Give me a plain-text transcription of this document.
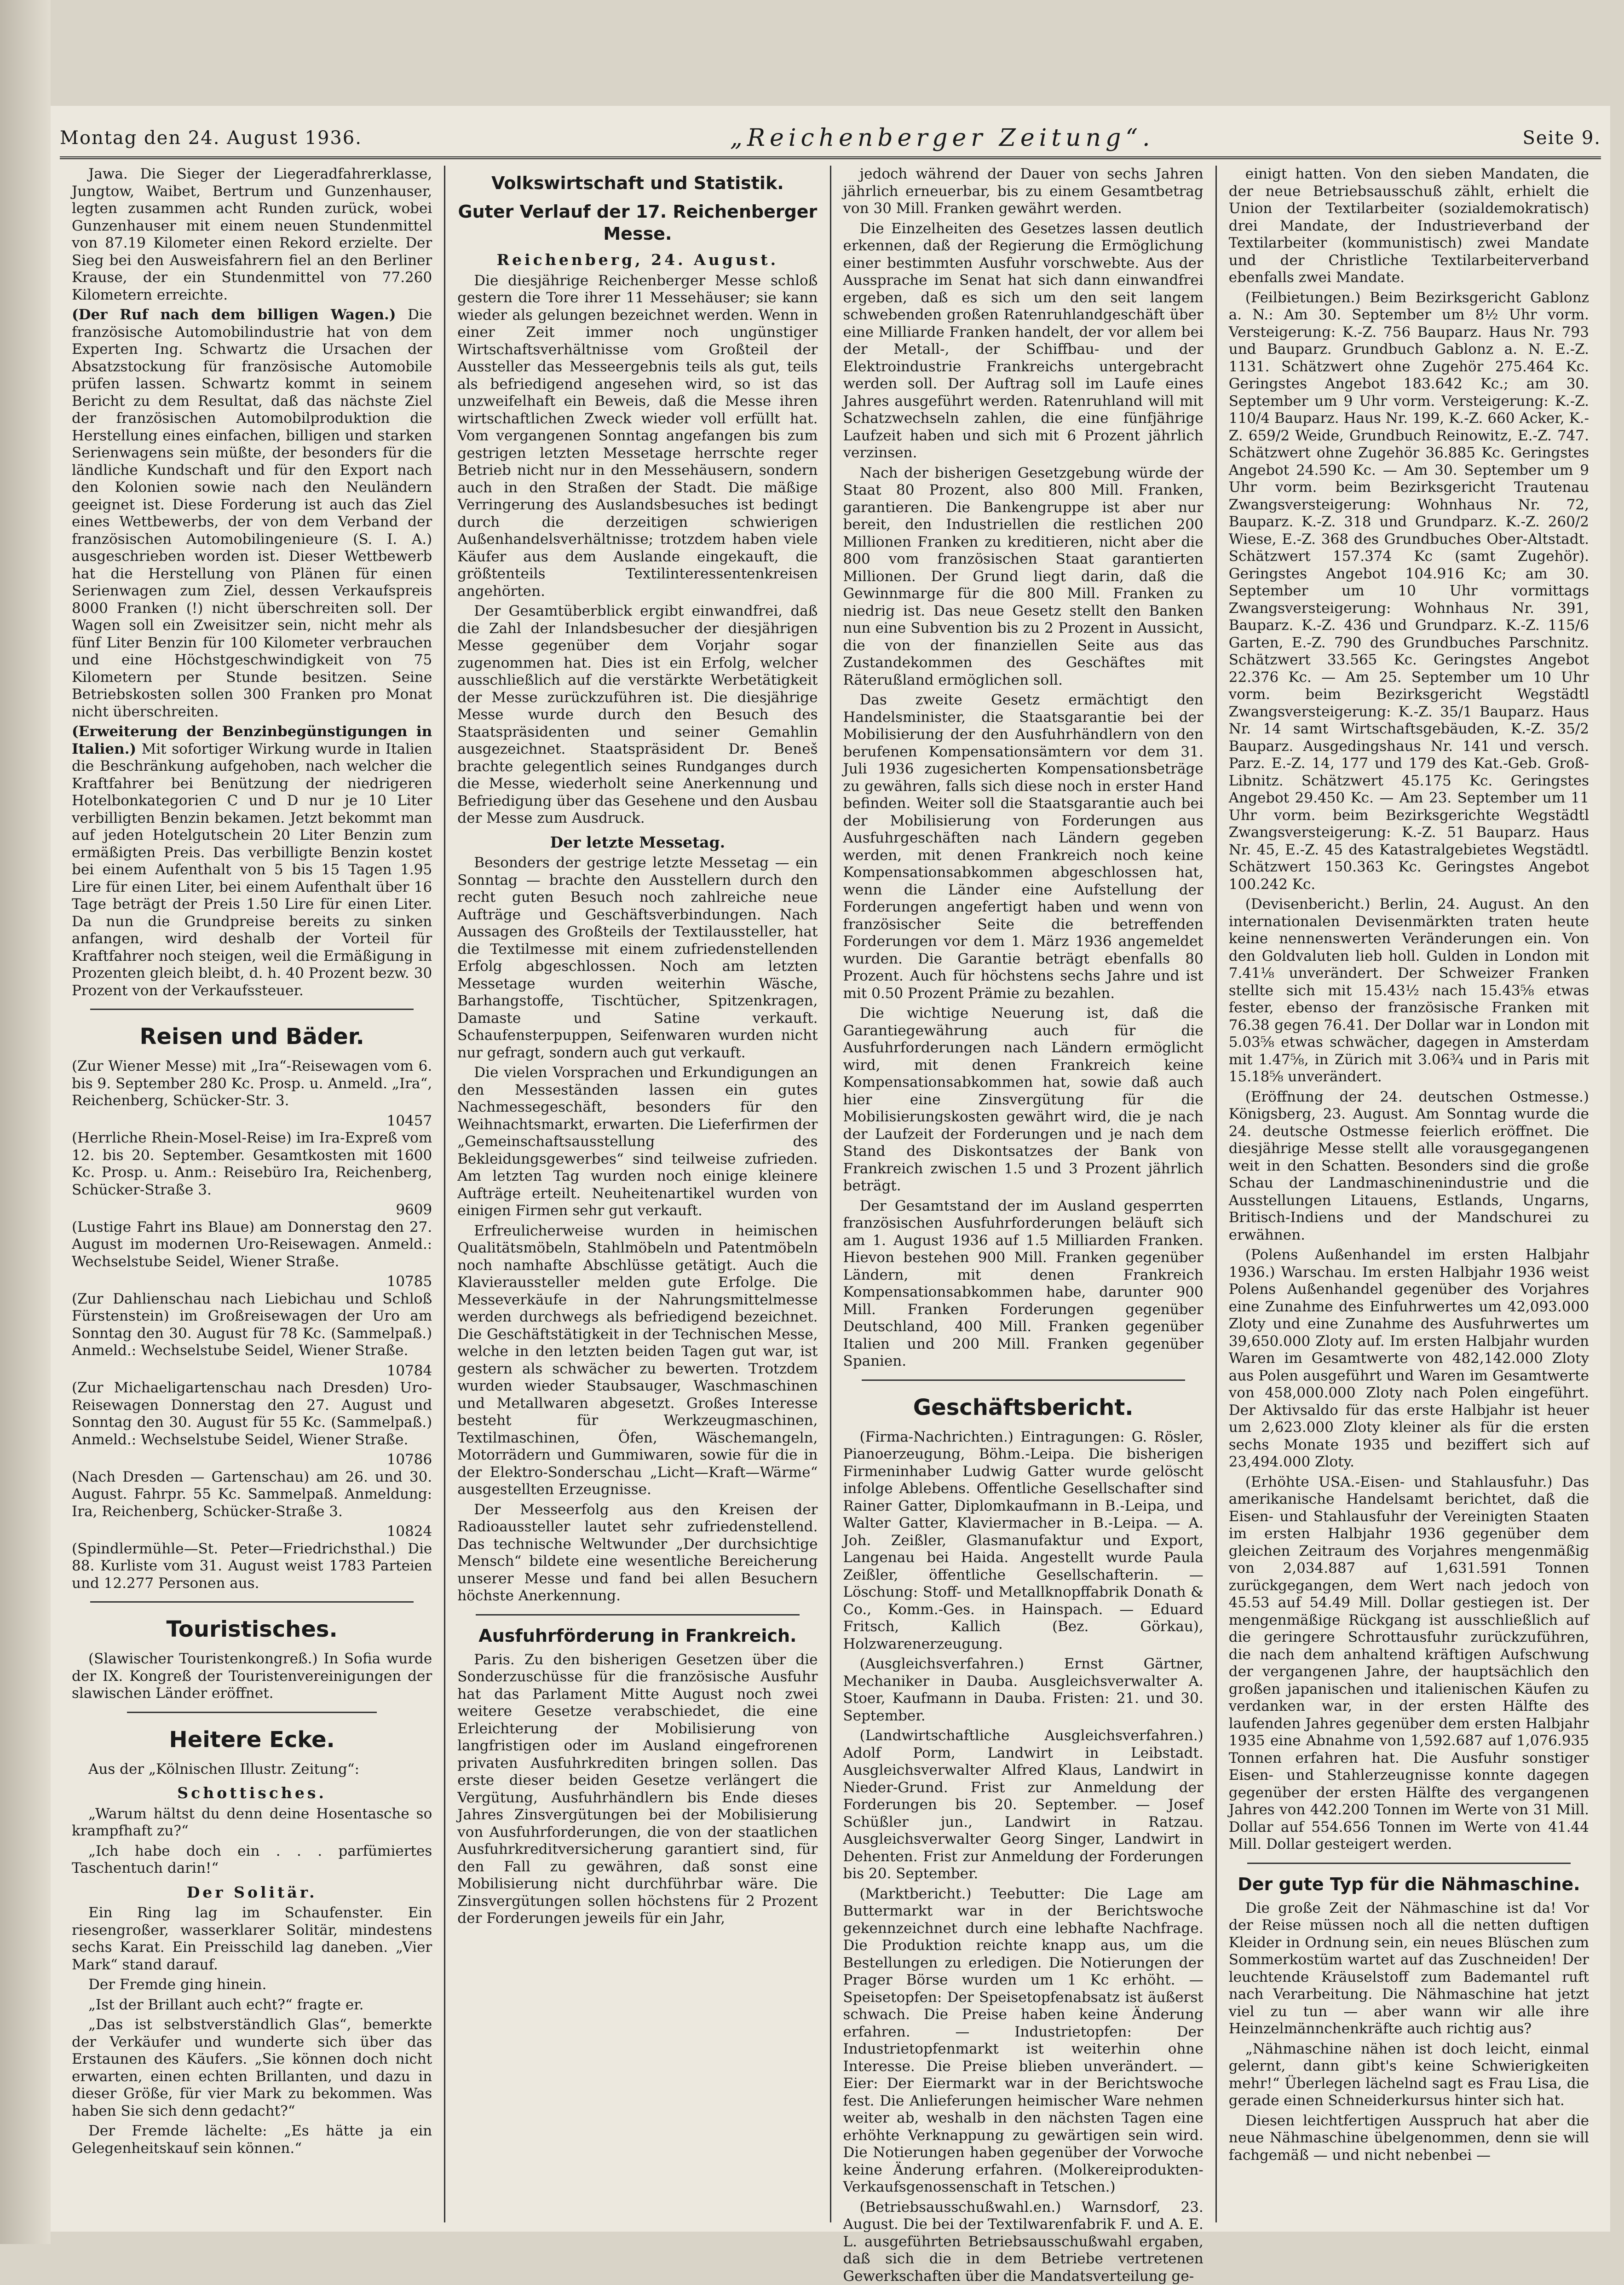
Montag den 24. August 1936.	„Reichenberger Zeitung“.	Seite 9.

Jawa. Die Sieger der Liegeradfahrerklasse, Jungtow, Waibet, Bertrum und Gunzenhauser, legten zusammen acht Runden zurück, wobei Gunzenhauser mit einem neuen Stundenmittel von 87.19 Kilometer einen Rekord erzielte. Der Sieg bei den Ausweisfahrern fiel an den Berliner Krause, der ein Stundenmittel von 77.260 Kilometern erreichte.

(Der Ruf nach dem billigen Wagen.) Die französische Automobilindustrie hat von dem Experten Ing. Schwartz die Ursachen der Absatzstockung für französische Automobile prüfen lassen. Schwartz kommt in seinem Bericht zu dem Resultat, daß das nächste Ziel der französischen Automobilproduktion die Herstellung eines einfachen, billigen und starken Serienwagens sein müßte, der besonders für die ländliche Kundschaft und für den Export nach den Kolonien sowie nach den Neuländern geeignet ist. Diese Forderung ist auch das Ziel eines Wettbewerbs, der von dem Verband der französischen Automobilingenieure (S. I. A.) ausgeschrieben worden ist. Dieser Wettbewerb hat die Herstellung von Plänen für einen Serienwagen zum Ziel, dessen Verkaufspreis 8000 Franken (!) nicht überschreiten soll. Der Wagen soll ein Zweisitzer sein, nicht mehr als fünf Liter Benzin für 100 Kilometer verbrauchen und eine Höchstgeschwindigkeit von 75 Kilometern per Stunde besitzen. Seine Betriebskosten sollen 300 Franken pro Monat nicht überschreiten.

(Erweiterung der Benzinbegünstigungen in Italien.) Mit sofortiger Wirkung wurde in Italien die Beschränkung aufgehoben, nach welcher die Kraftfahrer bei Benützung der niedrigeren Hotelbonkategorien C und D nur je 10 Liter verbilligten Benzin bekamen. Jetzt bekommt man auf jeden Hotelgutschein 20 Liter Benzin zum ermäßigten Preis. Das verbilligte Benzin kostet bei einem Aufenthalt von 5 bis 15 Tagen 1.95 Lire für einen Liter, bei einem Aufenthalt über 16 Tage beträgt der Preis 1.50 Lire für einen Liter. Da nun die Grundpreise bereits zu sinken anfangen, wird deshalb der Vorteil für Kraftfahrer noch steigen, weil die Ermäßigung in Prozenten gleich bleibt, d. h. 40 Prozent bezw. 30 Prozent von der Verkaufssteuer.

Reisen und Bäder.

(Zur Wiener Messe) mit „Ira“-Reisewagen vom 6. bis 9. September 280 Kc. Prosp. u. Anmeld. „Ira“, Reichenberg, Schücker-Str. 3.

10457

(Herrliche Rhein-Mosel-Reise) im Ira-Expreß vom 12. bis 20. September. Gesamtkosten mit 1600 Kc. Prosp. u. Anm.: Reisebüro Ira, Reichenberg, Schücker-Straße 3.

9609

(Lustige Fahrt ins Blaue) am Donnerstag den 27. August im modernen Uro-Reisewagen. Anmeld.: Wechselstube Seidel, Wiener Straße.

10785

(Zur Dahlienschau nach Liebichau und Schloß Fürstenstein) im Großreisewagen der Uro am Sonntag den 30. August für 78 Kc. (Sammelpaß.) Anmeld.: Wechselstube Seidel, Wiener Straße.

10784

(Zur Michaeligartenschau nach Dresden) Uro-Reisewagen Donnerstag den 27. August und Sonntag den 30. August für 55 Kc. (Sammelpaß.) Anmeld.: Wechselstube Seidel, Wiener Straße.

10786

(Nach Dresden — Gartenschau) am 26. und 30. August. Fahrpr. 55 Kc. Sammelpaß. Anmeldung: Ira, Reichenberg, Schücker-Straße 3.

10824

(Spindlermühle—St. Peter—Friedrichsthal.) Die 88. Kurliste vom 31. August weist 1783 Parteien und 12.277 Personen aus.

Touristisches.

(Slawischer Touristenkongreß.) In Sofia wurde der IX. Kongreß der Touristenvereinigungen der slawischen Länder eröffnet.

Heitere Ecke.

Aus der „Kölnischen Illustr. Zeitung“:

Schottisches.

„Warum hältst du denn deine Hosentasche so krampfhaft zu?“

„Ich habe doch ein . . . parfümiertes Taschentuch darin!“

Der Solitär.

Ein Ring lag im Schaufenster. Ein riesengroßer, wasserklarer Solitär, mindestens sechs Karat. Ein Preisschild lag daneben. „Vier Mark“ stand darauf.

Der Fremde ging hinein.

„Ist der Brillant auch echt?“ fragte er.

„Das ist selbstverständlich Glas“, bemerkte der Verkäufer und wunderte sich über das Erstaunen des Käufers. „Sie können doch nicht erwarten, einen echten Brillanten, und dazu in dieser Größe, für vier Mark zu bekommen. Was haben Sie sich denn gedacht?“

Der Fremde lächelte: „Es hätte ja ein Gelegenheitskauf sein können.“

Volkswirtschaft und Statistik.
Guter Verlauf der 17. Reichenberger Messe.
Reichenberg, 24. August.

Die diesjährige Reichenberger Messe schloß gestern die Tore ihrer 11 Messehäuser; sie kann wieder als gelungen bezeichnet werden. Wenn in einer Zeit immer noch ungünstiger Wirtschaftsverhältnisse vom Großteil der Aussteller das Messeergebnis teils als gut, teils als befriedigend angesehen wird, so ist das unzweifelhaft ein Beweis, daß die Messe ihren wirtschaftlichen Zweck wieder voll erfüllt hat. Vom vergangenen Sonntag angefangen bis zum gestrigen letzten Messetage herrschte reger Betrieb nicht nur in den Messehäusern, sondern auch in den Straßen der Stadt. Die mäßige Verringerung des Auslandsbesuches ist bedingt durch die derzeitigen schwierigen Außenhandelsverhältnisse; trotzdem haben viele Käufer aus dem Auslande eingekauft, die größtenteils Textilinteressentenkreisen angehörten.

Der Gesamtüberblick ergibt einwandfrei, daß die Zahl der Inlandsbesucher der diesjährigen Messe gegenüber dem Vorjahr sogar zugenommen hat. Dies ist ein Erfolg, welcher ausschließlich auf die verstärkte Werbetätigkeit der Messe zurückzuführen ist. Die diesjährige Messe wurde durch den Besuch des Staatspräsidenten und seiner Gemahlin ausgezeichnet. Staatspräsident Dr. Beneš brachte gelegentlich seines Rundganges durch die Messe, wiederholt seine Anerkennung und Befriedigung über das Gesehene und den Ausbau der Messe zum Ausdruck.

Der letzte Messetag.

Besonders der gestrige letzte Messetag — ein Sonntag — brachte den Ausstellern durch den recht guten Besuch noch zahlreiche neue Aufträge und Geschäftsverbindungen. Nach Aussagen des Großteils der Textilaussteller, hat die Textilmesse mit einem zufriedenstellenden Erfolg abgeschlossen. Noch am letzten Messetage wurden weiterhin Wäsche, Barhangstoffe, Tischtücher, Spitzenkragen, Damaste und Satine verkauft. Schaufensterpuppen, Seifenwaren wurden nicht nur gefragt, sondern auch gut verkauft.

Die vielen Vorsprachen und Erkundigungen an den Messeständen lassen ein gutes Nachmessegeschäft, besonders für den Weihnachtsmarkt, erwarten. Die Lieferfirmen der „Gemeinschaftsausstellung des Bekleidungsgewerbes“ sind teilweise zufrieden. Am letzten Tag wurden noch einige kleinere Aufträge erteilt. Neuheitenartikel wurden von einigen Firmen sehr gut verkauft.

Erfreulicherweise wurden in heimischen Qualitätsmöbeln, Stahlmöbeln und Patentmöbeln noch namhafte Abschlüsse getätigt. Auch die Klavieraussteller melden gute Erfolge. Die Messeverkäufe in der Nahrungsmittelmesse werden durchwegs als befriedigend bezeichnet. Die Geschäftstätigkeit in der Technischen Messe, welche in den letzten beiden Tagen gut war, ist gestern als schwächer zu bewerten. Trotzdem wurden wieder Staubsauger, Waschmaschinen und Metallwaren abgesetzt. Großes Interesse besteht für Werkzeugmaschinen, Textilmaschinen, Öfen, Wäschemangeln, Motorrädern und Gummiwaren, sowie für die in der Elektro-Sonderschau „Licht—Kraft—Wärme“ ausgestellten Erzeugnisse.

Der Messeerfolg aus den Kreisen der Radioaussteller lautet sehr zufriedenstellend. Das technische Weltwunder „Der durchsichtige Mensch“ bildete eine wesentliche Bereicherung unserer Messe und fand bei allen Besuchern höchste Anerkennung.

Ausfuhrförderung in Frankreich.

Paris. Zu den bisherigen Gesetzen über die Sonderzuschüsse für die französische Ausfuhr hat das Parlament Mitte August noch zwei weitere Gesetze verabschiedet, die eine Erleichterung der Mobilisierung von langfristigen oder im Ausland eingefrorenen privaten Ausfuhrkrediten bringen sollen. Das erste dieser beiden Gesetze verlängert die Vergütung, Ausfuhrhändlern bis Ende dieses Jahres Zinsvergütungen bei der Mobilisierung von Ausfuhrforderungen, die von der staatlichen Ausfuhrkreditversicherung garantiert sind, für den Fall zu gewähren, daß sonst eine Mobilisierung nicht durchführbar wäre. Die Zinsvergütungen sollen höchstens für 2 Prozent der Forderungen jeweils für ein Jahr,

jedoch während der Dauer von sechs Jahren jährlich erneuerbar, bis zu einem Gesamtbetrag von 30 Mill. Franken gewährt werden.

Die Einzelheiten des Gesetzes lassen deutlich erkennen, daß der Regierung die Ermöglichung einer bestimmten Ausfuhr vorschwebte. Aus der Aussprache im Senat hat sich dann einwandfrei ergeben, daß es sich um den seit langem schwebenden großen Ratenruhlandgeschäft über eine Milliarde Franken handelt, der vor allem bei der Metall-, der Schiffbau- und der Elektroindustrie Frankreichs untergebracht werden soll. Der Auftrag soll im Laufe eines Jahres ausgeführt werden. Ratenruhland will mit Schatzwechseln zahlen, die eine fünfjährige Laufzeit haben und sich mit 6 Prozent jährlich verzinsen.

Nach der bisherigen Gesetzgebung würde der Staat 80 Prozent, also 800 Mill. Franken, garantieren. Die Bankengruppe ist aber nur bereit, den Industriellen die restlichen 200 Millionen Franken zu kreditieren, nicht aber die 800 vom französischen Staat garantierten Millionen. Der Grund liegt darin, daß die Gewinnmarge für die 800 Mill. Franken zu niedrig ist. Das neue Gesetz stellt den Banken nun eine Subvention bis zu 2 Prozent in Aussicht, die von der finanziellen Seite aus das Zustandekommen des Geschäftes mit Räterußland ermöglichen soll.

Das zweite Gesetz ermächtigt den Handelsminister, die Staatsgarantie bei der Mobilisierung der den Ausfuhrhändlern von den berufenen Kompensationsämtern vor dem 31. Juli 1936 zugesicherten Kompensationsbeträge zu gewähren, falls sich diese noch in erster Hand befinden. Weiter soll die Staatsgarantie auch bei der Mobilisierung von Forderungen aus Ausfuhrgeschäften nach Ländern gegeben werden, mit denen Frankreich noch keine Kompensationsabkommen abgeschlossen hat, wenn die Länder eine Aufstellung der Forderungen angefertigt haben und wenn von französischer Seite die betreffenden Forderungen vor dem 1. März 1936 angemeldet wurden. Die Garantie beträgt ebenfalls 80 Prozent. Auch für höchstens sechs Jahre und ist mit 0.50 Prozent Prämie zu bezahlen.

Die wichtige Neuerung ist, daß die Garantiegewährung auch für die Ausfuhrforderungen nach Ländern ermöglicht wird, mit denen Frankreich keine Kompensationsabkommen hat, sowie daß auch hier eine Zinsvergütung für die Mobilisierungskosten gewährt wird, die je nach der Laufzeit der Forderungen und je nach dem Stand des Diskontsatzes der Bank von Frankreich zwischen 1.5 und 3 Prozent jährlich beträgt.

Der Gesamtstand der im Ausland gesperrten französischen Ausfuhrforderungen beläuft sich am 1. August 1936 auf 1.5 Milliarden Franken. Hievon bestehen 900 Mill. Franken gegenüber Ländern, mit denen Frankreich Kompensationsabkommen habe, darunter 900 Mill. Franken Forderungen gegenüber Deutschland, 400 Mill. Franken gegenüber Italien und 200 Mill. Franken gegenüber Spanien.

Geschäftsbericht.

(Firma-Nachrichten.) Eintragungen: G. Rösler, Pianoerzeugung, Böhm.-Leipa. Die bisherigen Firmeninhaber Ludwig Gatter wurde gelöscht infolge Ablebens. Offentliche Gesellschafter sind Rainer Gatter, Diplomkaufmann in B.-Leipa, und Walter Gatter, Klaviermacher in B.-Leipa. — A. Joh. Zeißler, Glasmanufaktur und Export, Langenau bei Haida. Angestellt wurde Paula Zeißler, öffentliche Gesellschafterin. — Löschung: Stoff- und Metallknopffabrik Donath & Co., Komm.-Ges. in Hainspach. — Eduard Fritsch, Kallich (Bez. Görkau), Holzwarenerzeugung.

(Ausgleichsverfahren.) Ernst Gärtner, Mechaniker in Dauba. Ausgleichsverwalter A. Stoer, Kaufmann in Dauba. Fristen: 21. und 30. September.

(Landwirtschaftliche Ausgleichsverfahren.) Adolf Porm, Landwirt in Leibstadt. Ausgleichsverwalter Alfred Klaus, Landwirt in Nieder-Grund. Frist zur Anmeldung der Forderungen bis 20. September. — Josef Schüßler jun., Landwirt in Ratzau. Ausgleichsverwalter Georg Singer, Landwirt in Dehenten. Frist zur Anmeldung der Forderungen bis 20. September.

(Marktbericht.) Teebutter: Die Lage am Buttermarkt war in der Berichtswoche gekennzeichnet durch eine lebhafte Nachfrage. Die Produktion reichte knapp aus, um die Bestellungen zu erledigen. Die Notierungen der Prager Börse wurden um 1 Kc erhöht. — Speisetopfen: Der Speisetopfenabsatz ist äußerst schwach. Die Preise haben keine Änderung erfahren. — Industrietopfen: Der Industrietopfenmarkt ist weiterhin ohne Interesse. Die Preise blieben unverändert. — Eier: Der Eiermarkt war in der Berichtswoche fest. Die Anlieferungen heimischer Ware nehmen weiter ab, weshalb in den nächsten Tagen eine erhöhte Verknappung zu gewärtigen sein wird. Die Notierungen haben gegenüber der Vorwoche keine Änderung erfahren. (Molkereiprodukten-Verkaufsgenossenschaft in Tetschen.)

(Betriebsausschußwahl.en.) Warnsdorf, 23. August. Die bei der Textilwarenfabrik F. und A. E. L. ausgeführten Betriebsausschußwahl ergaben, daß sich die in dem Betriebe vertretenen Gewerkschaften über die Mandatsverteilung ge-

einigt hatten. Von den sieben Mandaten, die der neue Betriebsausschuß zählt, erhielt die Union der Textilarbeiter (sozialdemokratisch) drei Mandate, der Industrieverband der Textilarbeiter (kommunistisch) zwei Mandate und der Christliche Textilarbeiterverband ebenfalls zwei Mandate.

(Feilbietungen.) Beim Bezirksgericht Gablonz a. N.: Am 30. September um 8½ Uhr vorm. Versteigerung: K.-Z. 756 Bauparz. Haus Nr. 793 und Bauparz. Grundbuch Gablonz a. N. E.-Z. 1131. Schätzwert ohne Zugehör 275.464 Kc. Geringstes Angebot 183.642 Kc.; am 30. September um 9 Uhr vorm. Versteigerung: K.-Z. 110/4 Bauparz. Haus Nr. 199, K.-Z. 660 Acker, K.-Z. 659/2 Weide, Grundbuch Reinowitz, E.-Z. 747. Schätzwert ohne Zugehör 36.885 Kc. Geringstes Angebot 24.590 Kc. — Am 30. September um 9 Uhr vorm. beim Bezirksgericht Trautenau Zwangsversteigerung: Wohnhaus Nr. 72, Bauparz. K.-Z. 318 und Grundparz. K.-Z. 260/2 Wiese, E.-Z. 368 des Grundbuches Ober-Altstadt. Schätzwert 157.374 Kc (samt Zugehör). Geringstes Angebot 104.916 Kc; am 30. September um 10 Uhr vormittags Zwangsversteigerung: Wohnhaus Nr. 391, Bauparz. K.-Z. 436 und Grundparz. K.-Z. 115/6 Garten, E.-Z. 790 des Grundbuches Parschnitz. Schätzwert 33.565 Kc. Geringstes Angebot 22.376 Kc. — Am 25. September um 10 Uhr vorm. beim Bezirksgericht Wegstädtl Zwangsversteigerung: K.-Z. 35/1 Bauparz. Haus Nr. 14 samt Wirtschaftsgebäuden, K.-Z. 35/2 Bauparz. Ausgedingshaus Nr. 141 und versch. Parz. E.-Z. 14, 177 und 179 des Kat.-Geb. Groß-Libnitz. Schätzwert 45.175 Kc. Geringstes Angebot 29.450 Kc. — Am 23. September um 11 Uhr vorm. beim Bezirksgerichte Wegstädtl Zwangsversteigerung: K.-Z. 51 Bauparz. Haus Nr. 45, E.-Z. 45 des Katastralgebietes Wegstädtl. Schätzwert 150.363 Kc. Geringstes Angebot 100.242 Kc.

(Devisenbericht.) Berlin, 24. August. An den internationalen Devisenmärkten traten heute keine nennenswerten Veränderungen ein. Von den Goldvaluten lieb holl. Gulden in London mit 7.41⅛ unverändert. Der Schweizer Franken stellte sich mit 15.43½ nach 15.43⅝ etwas fester, ebenso der französische Franken mit 76.38 gegen 76.41. Der Dollar war in London mit 5.03⅝ etwas schwächer, dagegen in Amsterdam mit 1.47⅝, in Zürich mit 3.06¾ und in Paris mit 15.18⅝ unverändert.

(Eröffnung der 24. deutschen Ostmesse.) Königsberg, 23. August. Am Sonntag wurde die 24. deutsche Ostmesse feierlich eröffnet. Die diesjährige Messe stellt alle vorausgegangenen weit in den Schatten. Besonders sind die große Schau der Landmaschinenindustrie und die Ausstellungen Litauens, Estlands, Ungarns, Britisch-Indiens und der Mandschurei zu erwähnen.

(Polens Außenhandel im ersten Halbjahr 1936.) Warschau. Im ersten Halbjahr 1936 weist Polens Außenhandel gegenüber des Vorjahres eine Zunahme des Einfuhrwertes um 42,093.000 Zloty und eine Zunahme des Ausfuhrwertes um 39,650.000 Zloty auf. Im ersten Halbjahr wurden Waren im Gesamtwerte von 482,142.000 Zloty aus Polen ausgeführt und Waren im Gesamtwerte von 458,000.000 Zloty nach Polen eingeführt. Der Aktivsaldo für das erste Halbjahr ist heuer um 2,623.000 Zloty kleiner als für die ersten sechs Monate 1935 und beziffert sich auf 23,494.000 Zloty.

(Erhöhte USA.-Eisen- und Stahlausfuhr.) Das amerikanische Handelsamt berichtet, daß die Eisen- und Stahlausfuhr der Vereinigten Staaten im ersten Halbjahr 1936 gegenüber dem gleichen Zeitraum des Vorjahres mengenmäßig von 2,034.887 auf 1,631.591 Tonnen zurückgegangen, dem Wert nach jedoch von 45.53 auf 54.49 Mill. Dollar gestiegen ist. Der mengenmäßige Rückgang ist ausschließlich auf die geringere Schrottausfuhr zurückzuführen, die nach dem anhaltend kräftigen Aufschwung der vergangenen Jahre, der hauptsächlich den großen japanischen und italienischen Käufen zu verdanken war, in der ersten Hälfte des laufenden Jahres gegenüber dem ersten Halbjahr 1935 eine Abnahme von 1,592.687 auf 1,076.935 Tonnen erfahren hat. Die Ausfuhr sonstiger Eisen- und Stahlerzeugnisse konnte dagegen gegenüber der ersten Hälfte des vergangenen Jahres von 442.200 Tonnen im Werte von 31 Mill. Dollar auf 554.656 Tonnen im Werte von 41.44 Mill. Dollar gesteigert werden.

Der gute Typ für die Nähmaschine.

Die große Zeit der Nähmaschine ist da! Vor der Reise müssen noch all die netten duftigen Kleider in Ordnung sein, ein neues Blüschen zum Sommerkostüm wartet auf das Zuschneiden! Der leuchtende Kräuselstoff zum Bademantel ruft nach Verarbeitung. Die Nähmaschine hat jetzt viel zu tun — aber wann wir alle ihre Heinzelmännchenkräfte auch richtig aus?

„Nähmaschine nähen ist doch leicht, einmal gelernt, dann gibt's keine Schwierigkeiten mehr!“ Überlegen lächelnd sagt es Frau Lisa, die gerade einen Schneiderkursus hinter sich hat.

Diesen leichtfertigen Ausspruch hat aber die neue Nähmaschine übelgenommen, denn sie will fachgemäß — und nicht nebenbei —
